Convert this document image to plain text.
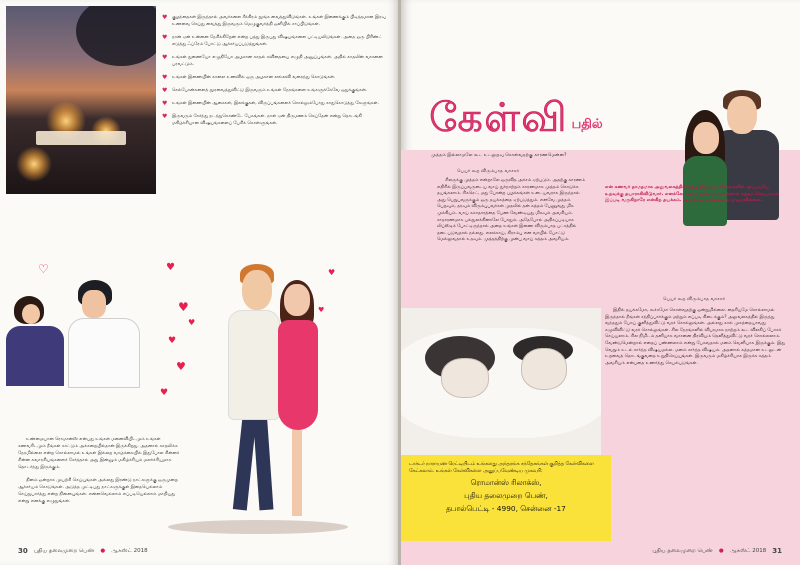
♥ குழந்தைகள் இருந்தால் அவர்களை சீக்கிரம் தூங்க வைத்துவிடுங்கள். உங்கள் இணைக்கும் பிடித்தமான இரவு உணவை செய்து வைத்து இருவரும் மெழுகுவர்த்தி ஒளியில் சாப்பிடுங்கள்.
♥ நான் ஏன் உன்னை நேசிக்கிறேன் என்ற பத்து இருபது விஷயங்களை பட்டியலிடுங்கள். அதை ஒரு பிரிண்ட் எடுத்து ஃப்ரேம் போட்டு ஆச்சர்யப்படுத்துங்கள்.
♥ உங்கள் துணையோ எழுதியோ அழகான காதல் கவிதையை எழுதி அனுப்புங்கள். அதில் காதலின் வாசனை பரவட்டும்.
♥ உங்கள் இணையின் காலை உணவில் ஒரு அழகான லவ்லவி வரைந்து கொடுங்கள்.
♥ செல்போன்களைத் தூரவைத்துவிட்டு இருவரும் உங்கள் நேரங்களை உங்களுக்கேவே ஒதுக்குங்கள்.
♥ உங்கள் இணையின் ஆசைகள், இலக்குகள், விருப்பங்களைச் சொல்லும்போது காதுகொடுத்து கேளுங்கள்.
♥ இருவரும் சேர்ந்து நடந்துகொண்டே பேசுங்கள். நாள் ஏன் திருமணம் செய்தேன் என்று தொடங்கி மகிழ்ச்சியான விஷயங்களைப் பேசிக் கொள்ளுங்கள்.
♡	♥
♥
♥
♥
♥
♥
♥
♥

உண்மையான ரொமான்ஸ் என்பது உங்கள் மனைவியிடமும் உங்கள் கணவரிடமும் நீங்கள் காட்டும் அக்கறையில்தான் இருக்கிறது. அதனால் காதலிக்க நேரமில்லை என்ற சொல்லாமல் உங்கள் இல்லற வாழ்க்கையில் இதுபோல சின்னச் சின்ன சுவாரசியங்களைச் சேர்த்தால் அது இன்னும் மகிழ்ச்சியும் மலர்ச்சியுமாக தொடர்ந்து இருக்கும்.

தினம் ஒன்றாக முயற்சி செய்யுங்கள் அல்லது இரண்டு நாட்களுக்கு ஒருமுறை ஆச்சர்யம் கொடுங்கள். அடுத்த முட்டிபது நாட்களுக்குள் இதையெல்லாம் செய்துபார்த்து என்ற நினையுங்கள். என்னவெல்லாம் எப்படியெல்லாம் மாறியது என்று எனக்கு எழுதுங்கள்.

30 புதிய தலைமுறை பெண் ● ஆகஸ்ட் 2018
கேள்வி பதில்
முத்தம் இல்லாமலே கூட உடலுறவு கொள்வதற்கு காரணமென்ன?
பெயர் கூற விரும்பாத வாசகர்
சிலருக்கு முத்தம் என்றாலே ஒருவித அச்சம் ஏற்படும். அதற்கு காரணம் எதிரில் இருப்பவருடைய வாய் துர்நாற்றம் காரணமாக முத்தம் கொடுக்க தயங்கலாம். சிகரெட், மது போன்ற பழக்கங்கள் உடையவராக இருந்தால் அது பெறுபவருக்கும் ஒரு தயக்கத்தை ஏற்படுத்தும். எனவே முத்தம் பெறவும், தரவும் விரும்புபவர்கள் முதலில் தன் சுத்தம் பேணுவது மிக முக்கியம். வாய் சுகாதாரத்தை பேண வேண்டியது மிகவும் அவசியம். சாதாரணமாக பல்துலக்கினாலே போதும். அதேபோல் அதிகப்படியாக லிப்ஸ்டிக் போட்டிருந்தால் அதை உங்கள் இணை விரும்பாத பட்சத்தில் தடைபடுவதால் நல்லது. எலக்காய், கிராம்பு என வாயில் போட்டு மெல்லுவதால் உதவும். முத்தத்திற்கு முன்பு வாய் சுத்தம் அவசியம்.
என் கணவர் தாமதமாக அலுவலகத்திலிருந்து திரும்பும் நேரங்களில் அப்படியே உறவுக்கு தயாராகிவிடுவார். எனக்கோ அவர் கால் முகமெல்லாம் சுத்தம் செய்யாமல் இப்படி வருகிறாரே என்கிற தயக்கம். அவரிடம் சொல்லவும் முடியவில்லை.
பெயர் கூற விரும்பாத வாசகர்
இதில் தயக்கமோ, கூச்சமோ கொள்வதற்கு ஒன்றுமில்லை. தைரியமே சொல்லாமல் இருந்தால் நீங்கள் சந்திப்பார்க்கும் மற்றும் எப்படி கிடைக்கும்? அலுவலகத்தில் இருந்து வந்ததும் போய் குளித்துவிட்டு வரச் சொல்லுங்கள். அல்லது கால் முகத்தையாவது கழுவிவிட்டு வரச் சொல்லுங்கள். சில நேரங்களில் விபரமாக நாற்றம் கூட விலகிப் போகச் செய்யலாம். சில நிமிடம் தனியாக வாசனை திரவியம் தெளித்துவிட்டு வரச் சொல்லலாம். வேண்டுமென்றால் எதைப் பண்ணலாம் என்று பேசுவதால் மனம் வெளியாக இருக்கும். இது வெறும் உடல் சார்ந்த விஷயமல்ல. மனம் சார்ந்த விஷயம். அதனால் சுத்தமான உடலுடன் உறவைத் தொடங்குவதை உறுதிசெய்யுங்கள். இருவரும் மகிழ்ச்சியாக இருக்க சுத்தம் அவசியம் என்பதை உணர்ந்து செயல்படுங்கள்.
டாக்டர் நாராயண ரெட்டியிடம் உங்களது அந்தரங்க சந்தேகங்கள் குறித்த கேள்விகளை கேட்கலாம். உங்கள் கேள்விகளை அனுப்பவேண்டிய முகவரி:
ரொமான்ஸ் ரிலாக்ஸ்,
புதிய தலைமுறை பெண்,
தபால்பெட்டி - 4990, சென்னை -17
புதிய தலைமுறை பெண் ● ஆகஸ்ட் 2018 31
